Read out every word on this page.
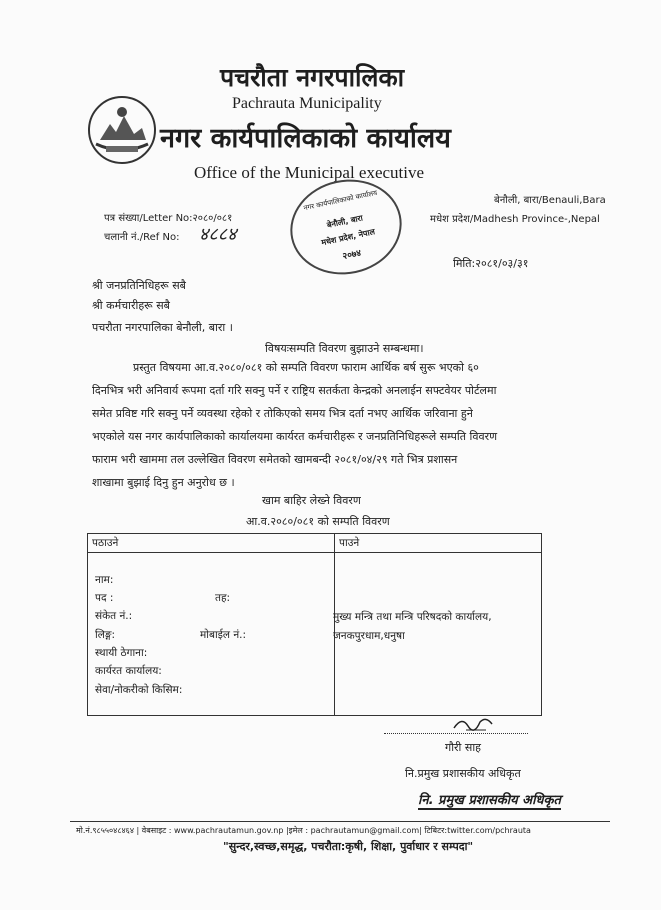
पचरौता नगरपालिका
Pachrauta Municipality
नगर कार्यपालिकाको कार्यालय
Office of the Municipal executive
बेनौली, बारा/Benauli,Bara
मधेश प्रदेश/Madhesh Province-,Nepal
पत्र संख्या/Letter No:२०८०/०८१
चलानी नं./Ref No: ४८८४
नगर कार्यपालिकाको कार्यालय
बेनौली, बारा
मधेश प्रदेश, नेपाल
२०७४
मिति:२०८१/०३/३१
श्री जनप्रतिनिधिहरू सबै
श्री कर्मचारीहरू सबै
पचरौता नगरपालिका बेनौली, बारा ।
विषयःसम्पति विवरण बुझाउने सम्बन्धमा।
प्रस्तुत विषयमा आ.व.२०८०/०८१ को सम्पति विवरण फाराम आर्थिक बर्ष सुरू भएको ६०
दिनभित्र भरी अनिवार्य रूपमा दर्ता गरि सक्नु पर्ने र राष्ट्रिय सतर्कता केन्द्रको अनलाईन सफ्टवेयर पोर्टलमा
समेत प्रविष्ट गरि सक्नु पर्ने व्यवस्था रहेको र तोकिएको समय भित्र दर्ता नभए आर्थिक जरिवाना हुने
भएकोले यस नगर कार्यपालिकाको कार्यालयमा कार्यरत कर्मचारीहरू र जनप्रतिनिधिहरूले सम्पति विवरण
फाराम भरी खाममा तल उल्लेखित विवरण समेतको खामबन्दी २०८१/०४/२९ गते भित्र प्रशासन
शाखामा बुझाई दिनु हुन अनुरोध छ ।
खाम बाहिर लेख्ने विवरण
आ.व.२०८०/०८१ को सम्पति विवरण
पठाउने	पाउने

नाम:
पद :	तह:
संकेत नं.:
लिङ्ग:	मोबाईल नं.:
स्थायी ठेगाना:
कार्यरत कार्यालय:
सेवा/नोकरीको किसिम:
मुख्य मन्त्रि तथा मन्त्रि परिषदको कार्यालय,
जनकपुरधाम,धनुषा
गौरी साह
नि.प्रमुख प्रशासकीय अधिकृत
नि. प्रमुख प्रशासकीय अधिकृत
मो.नं.९८५५०४८४६४ | वेबसाइट : www.pachrautamun.gov.np |इमेल : pachrautamun@gmail.com| टिबिटर:twitter.com/pchrauta
"सुन्दर,स्वच्छ,समृद्ध, पचरौता:कृषी, शिक्षा, पुर्वाधार र सम्पदा"
